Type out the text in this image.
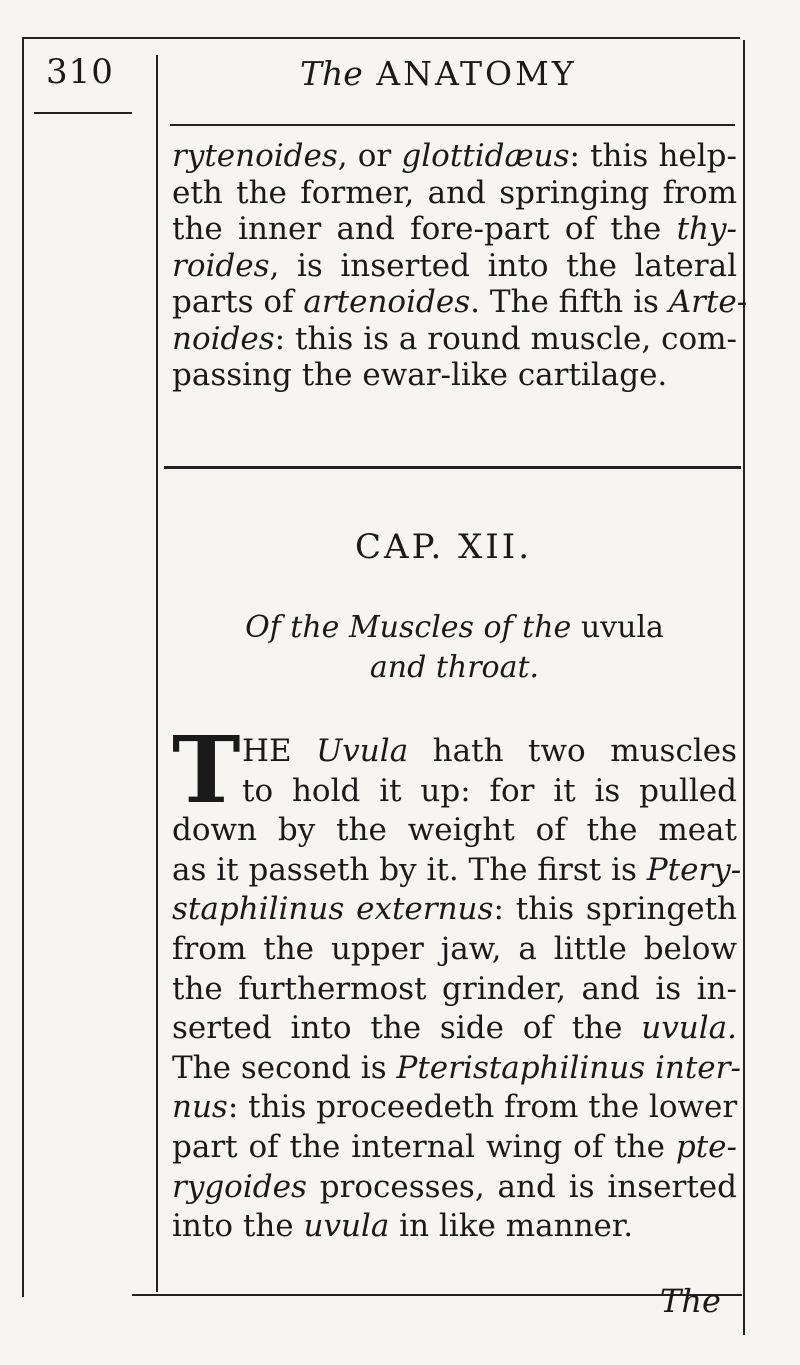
310	The ANATOMY
rytenoides, or glottidæus: this help-
eth the former, and springing from
the inner and fore-part of the thy-
roides, is inserted into the lateral
parts of artenoides. The fifth is Arte-
noides: this is a round muscle, com-
passing the ewar-like cartilage.
CAP. XII.
Of the Muscles of the uvula
and throat.
T HE Uvula hath two muscles
to hold it up: for it is pulled
down by the weight of the meat
as it passeth by it. The first is Ptery-
staphilinus externus: this springeth
from the upper jaw, a little below
the furthermost grinder, and is in-
serted into the side of the uvula.
The second is Pteristaphilinus inter-
nus: this proceedeth from the lower
part of the internal wing of the pte-
rygoides processes, and is inserted
into the uvula in like manner.
The
